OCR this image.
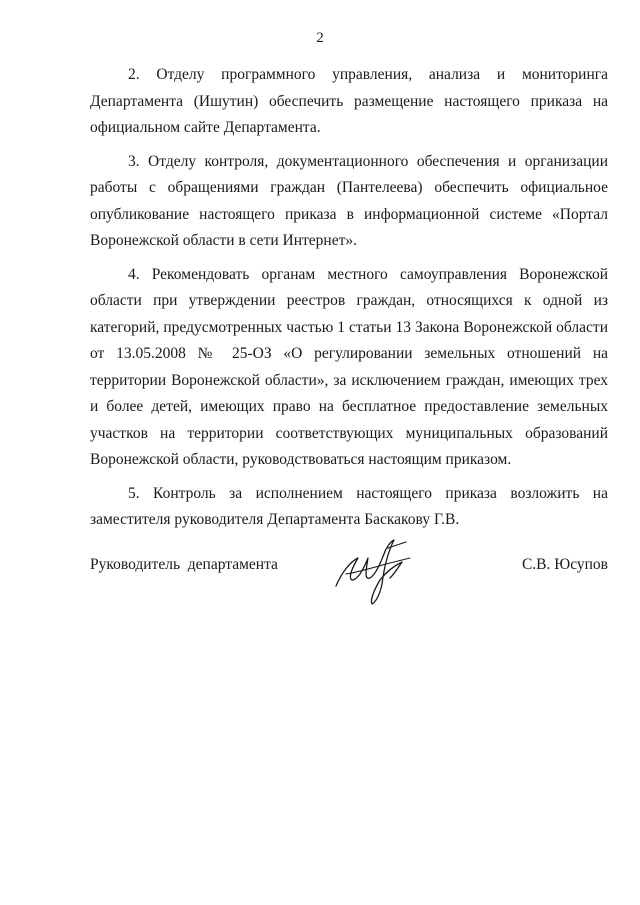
2

2. Отделу программного управления, анализа и мониторинга Департамента (Ишутин) обеспечить размещение настоящего приказа на официальном сайте Департамента.

3. Отделу контроля, документационного обеспечения и организации работы с обращениями граждан (Пантелеева) обеспечить официальное опубликование настоящего приказа в информационной системе «Портал Воронежской области в сети Интернет».

4. Рекомендовать органам местного самоуправления Воронежской области при утверждении реестров граждан, относящихся к одной из категорий, предусмотренных частью 1 статьи 13 Закона Воронежской области от 13.05.2008 № 25-ОЗ «О регулировании земельных отношений на территории Воронежской области», за исключением граждан, имеющих трех и более детей, имеющих право на бесплатное предоставление земельных участков на территории соответствующих муниципальных образований Воронежской области, руководствоваться настоящим приказом.

5. Контроль за исполнением настоящего приказа возложить на заместителя руководителя Департамента Баскакову Г.В.

Руководитель  департамента	С.В. Юсупов
